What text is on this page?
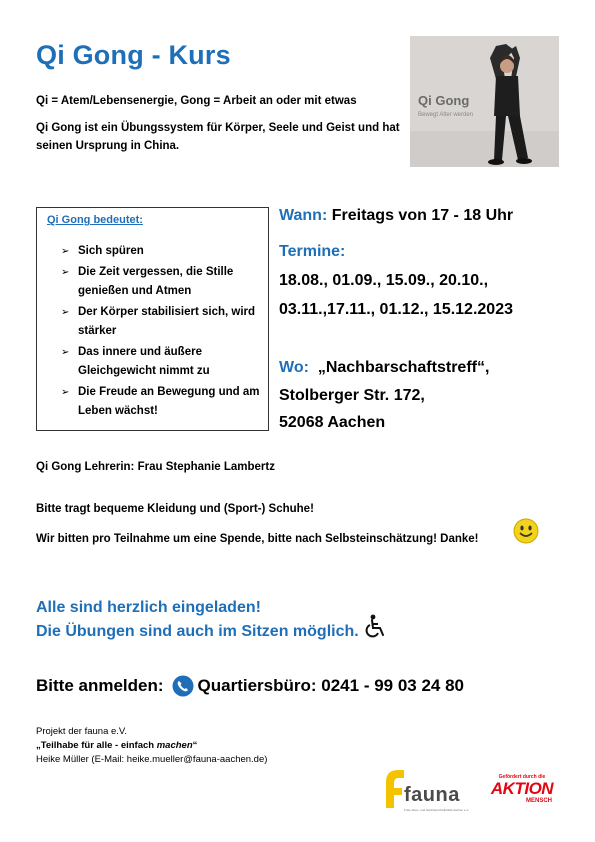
Qi Gong - Kurs
Qi = Atem/Lebensenergie, Gong = Arbeit an oder mit etwas
Qi Gong ist ein Übungssystem für Körper, Seele und Geist und hat seinen Ursprung in China.
Qi Gong
Bewegt Alter werden
Qi Gong bedeutet:
➢ Sich spüren
➢ Die Zeit vergessen, die Stille genießen und Atmen
➢ Der Körper stabilisiert sich, wird stärker
➢ Das innere und äußere Gleichgewicht nimmt zu
➢ Die Freude an Bewegung und am Leben wächst!
Wann: Freitags von 17 - 18 Uhr
Termine:
18.08., 01.09., 15.09., 20.10.,
03.11.,17.11., 01.12., 15.12.2023
Wo: „Nachbarschaftstreff“,
Stolberger Str. 172,
52068 Aachen
Qi Gong Lehrerin: Frau Stephanie Lambertz
Bitte tragt bequeme Kleidung und (Sport-) Schuhe!
Wir bitten pro Teilnahme um eine Spende, bitte nach Selbsteinschätzung! Danke!
Alle sind herzlich eingeladen!
Die Übungen sind auch im Sitzen möglich.
Bitte anmelden: Quartiersbüro: 0241 - 99 03 24 80
Projekt der fauna e.V.
„Teilhabe für alle - einfach machen“
Heike Müller (E-Mail: heike.mueller@fauna-aachen.de)
fauna
Freie Alten- und Nachbarschaftshilfe Aachen e.V.
Gefördert durch die
AKTION
MENSCH
